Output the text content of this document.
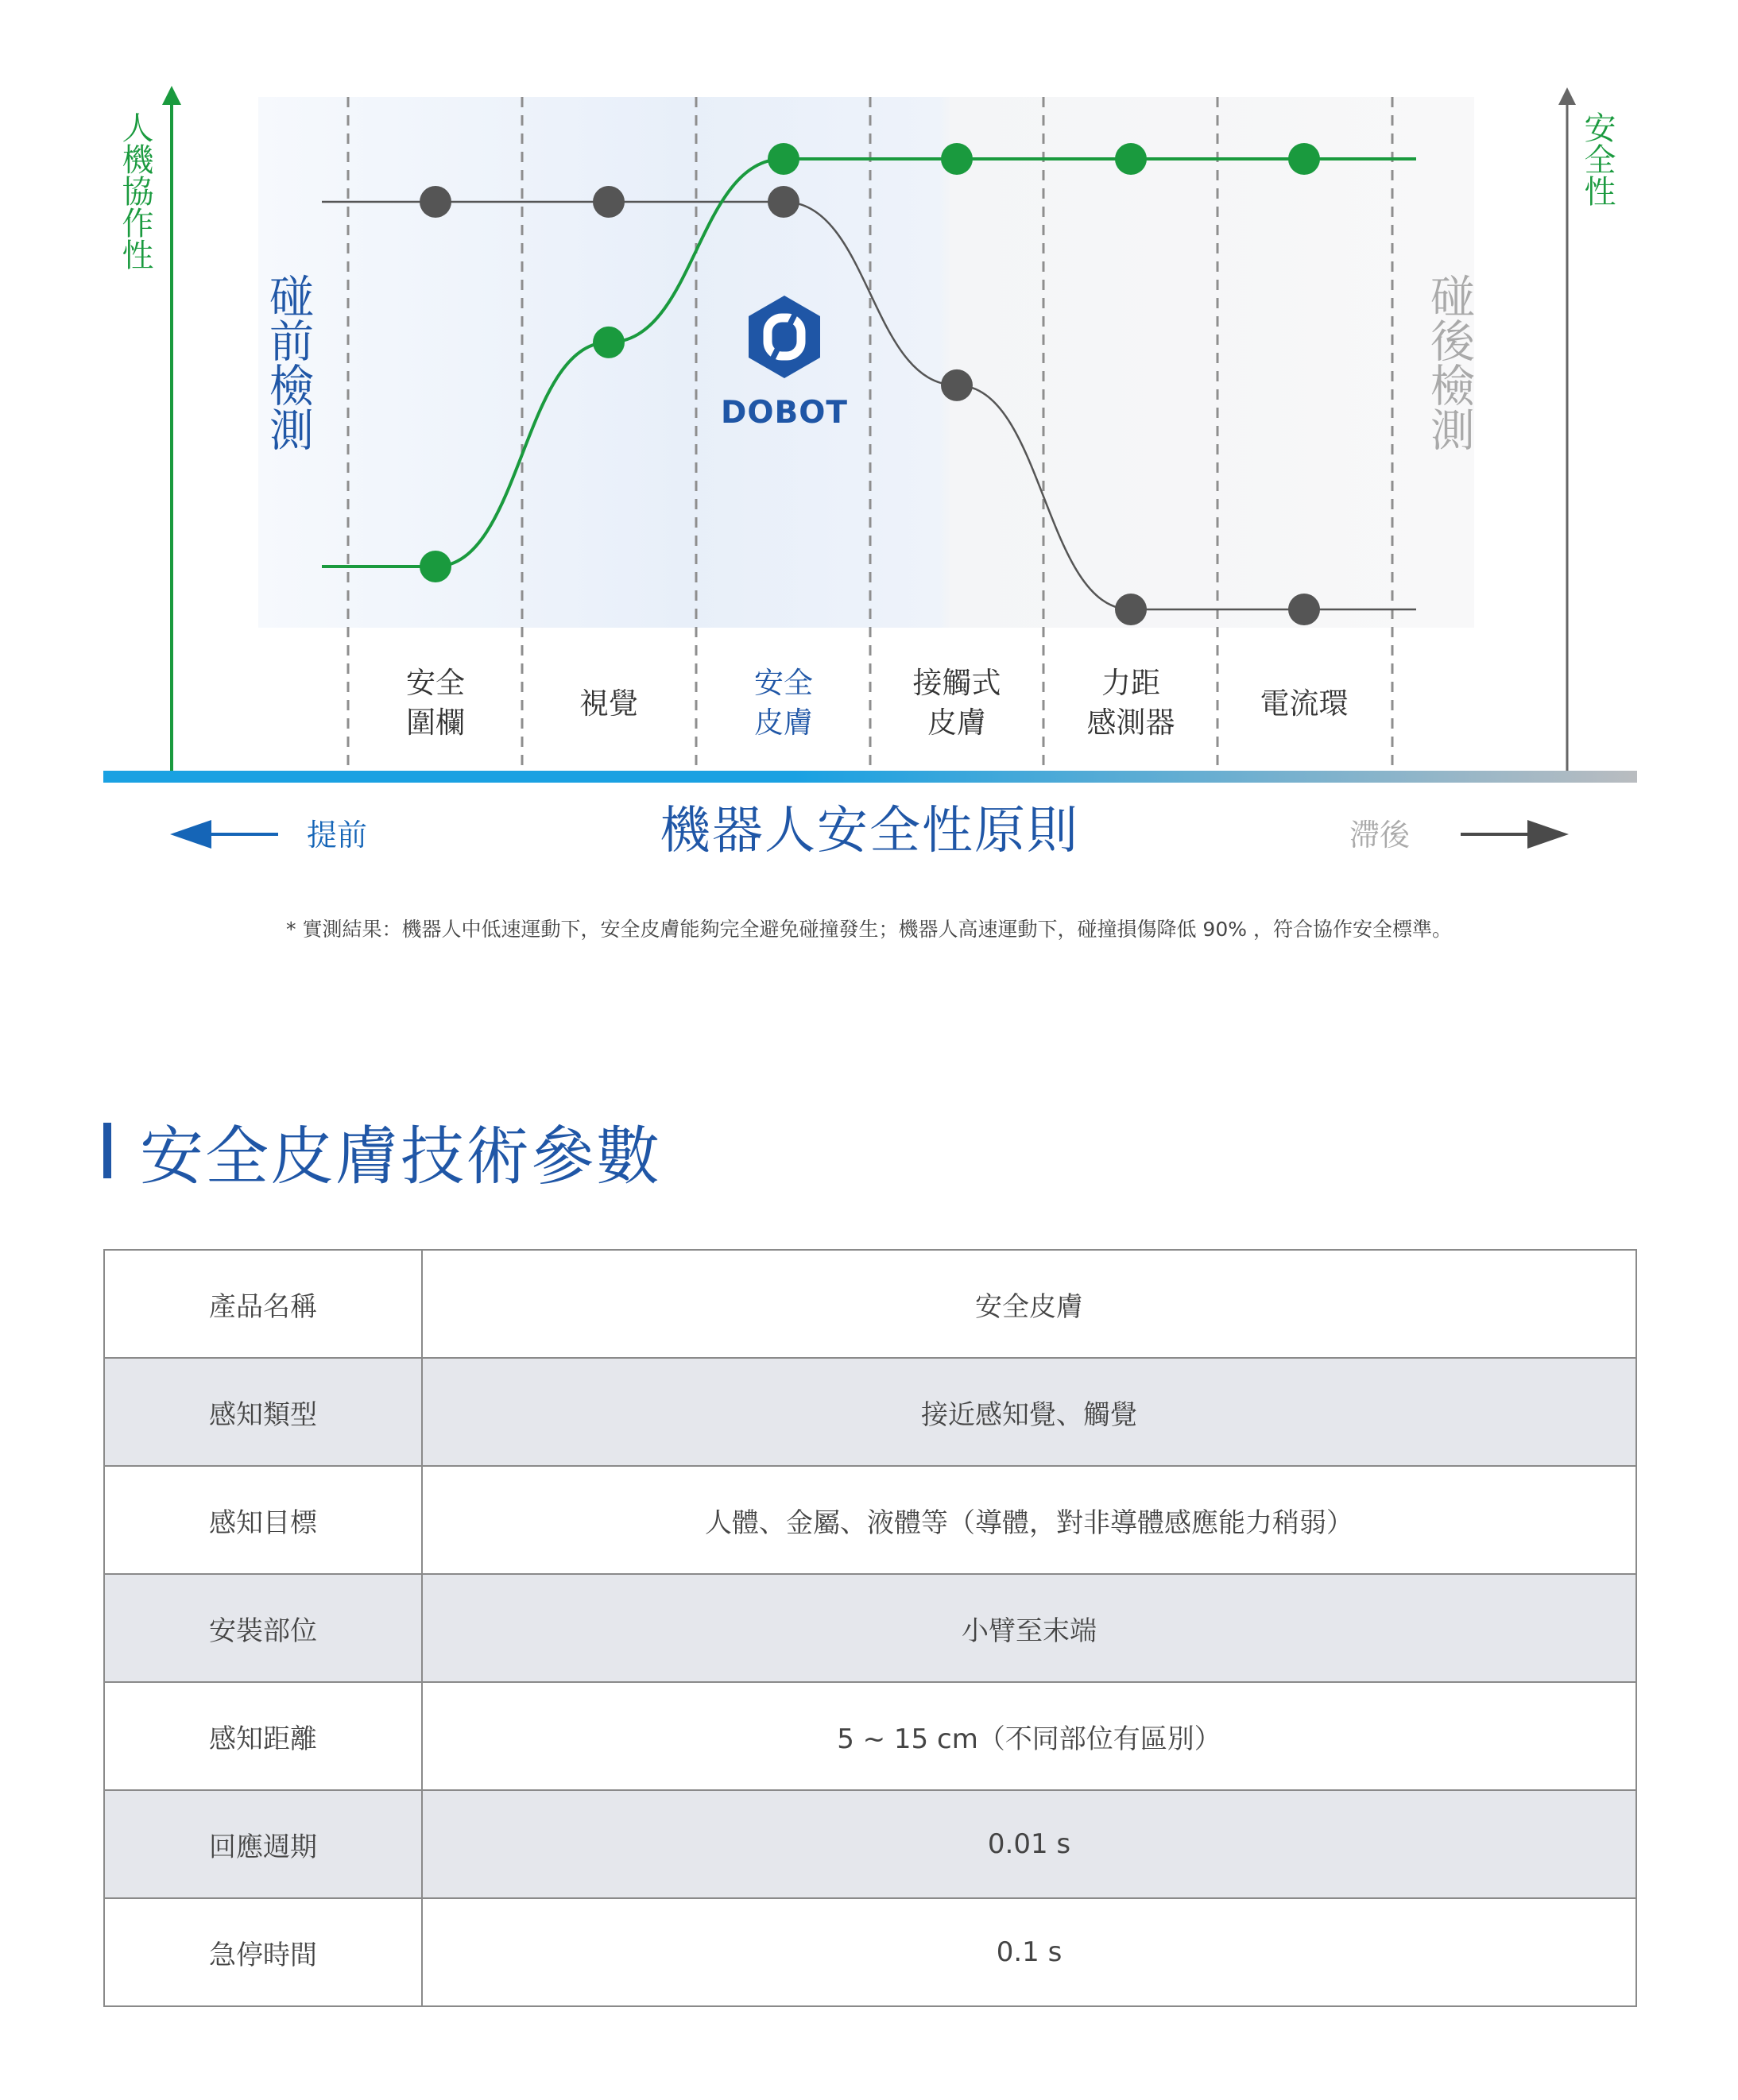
DOBOT
安全圍欄
視覺
安全皮膚
接觸式皮膚
力距感測器
電流環
機器人安全性原則
提前	滯後
人機協作性	安全性
碰前檢測	碰後檢測
* 實測結果：機器人中低速運動下，安全皮膚能夠完全避免碰撞發生；機器人高速運動下，碰撞損傷降低 90% ，符合協作安全標準。
安全皮膚技術參數
產品名稱	安全皮膚
感知類型	接近感知覺、觸覺
感知目標	人體、金屬、液體等（導體，對非導體感應能力稍弱）
安裝部位	小臂至末端
感知距離	5 ~ 15 cm（不同部位有區別）
回應週期	0.01 s
急停時間	0.1 s
